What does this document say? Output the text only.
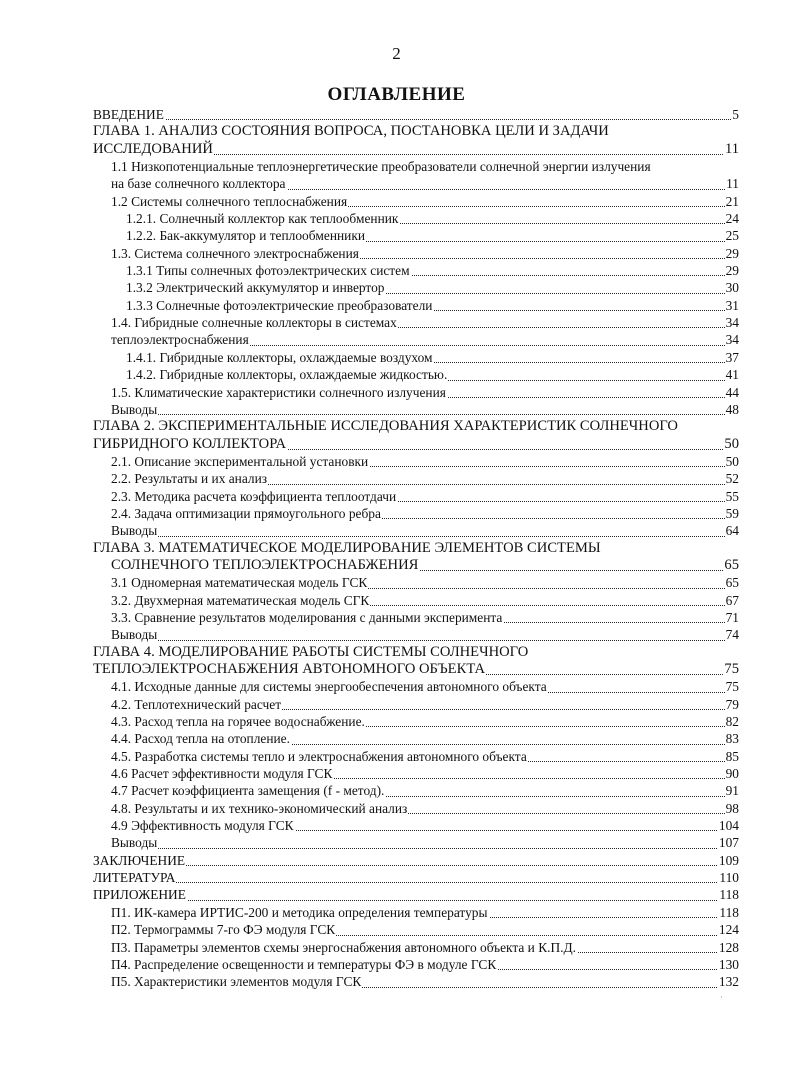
2
ОГЛАВЛЕНИЕ
ВВЕДЕНИЕ	5
ГЛАВА 1. АНАЛИЗ СОСТОЯНИЯ ВОПРОСА, ПОСТАНОВКА ЦЕЛИ И ЗАДАЧИ
ИССЛЕДОВАНИЙ	11
1.1 Низкопотенциальные теплоэнергетические преобразователи солнечной энергии излучения
на базе солнечного коллектора	11
1.2 Системы солнечного теплоснабжения	21
1.2.1. Солнечный коллектор как теплообменник	24
1.2.2. Бак-аккумулятор и теплообменники	25
1.3. Система солнечного электроснабжения	29
1.3.1 Типы солнечных фотоэлектрических систем	29
1.3.2 Электрический аккумулятор и инвертор	30
1.3.3 Солнечные фотоэлектрические преобразователи	31
1.4. Гибридные солнечные коллекторы в системах	34
теплоэлектроснабжения	34
1.4.1. Гибридные коллекторы, охлаждаемые воздухом	37
1.4.2. Гибридные коллекторы, охлаждаемые жидкостью.	41
1.5. Климатические характеристики солнечного излучения	44
Выводы	48
ГЛАВА 2. ЭКСПЕРИМЕНТАЛЬНЫЕ ИССЛЕДОВАНИЯ ХАРАКТЕРИСТИК СОЛНЕЧНОГО
ГИБРИДНОГО КОЛЛЕКТОРА	50
2.1. Описание экспериментальной установки	50
2.2. Результаты и их анализ	52
2.3. Методика расчета коэффициента теплоотдачи	55
2.4. Задача оптимизации прямоугольного ребра	59
Выводы	64
ГЛАВА 3. МАТЕМАТИЧЕСКОЕ МОДЕЛИРОВАНИЕ ЭЛЕМЕНТОВ СИСТЕМЫ
СОЛНЕЧНОГО ТЕПЛОЭЛЕКТРОСНАБЖЕНИЯ	65
3.1 Одномерная математическая модель ГСК	65
3.2. Двухмерная математическая модель СГК	67
3.3. Сравнение результатов моделирования с данными эксперимента	71
Выводы	74
ГЛАВА 4. МОДЕЛИРОВАНИЕ РАБОТЫ СИСТЕМЫ СОЛНЕЧНОГО
ТЕПЛОЭЛЕКТРОСНАБЖЕНИЯ АВТОНОМНОГО ОБЪЕКТА	75
4.1. Исходные данные для системы энергообеспечения автономного объекта	75
4.2. Теплотехнический расчет	79
4.3. Расход тепла на горячее водоснабжение.	82
4.4. Расход тепла на отопление.	83
4.5. Разработка системы тепло и электроснабжения автономного объекта	85
4.6 Расчет эффективности модуля ГСК	90
4.7 Расчет коэффициента замещения (f - метод).	91
4.8. Результаты и их технико-экономический анализ	98
4.9 Эффективность модуля ГСК	104
Выводы	107
ЗАКЛЮЧЕНИЕ	109
ЛИТЕРАТУРА	110
ПРИЛОЖЕНИЕ	118
П1. ИК-камера ИРТИС-200 и методика определения температуры	118
П2. Термограммы 7-го ФЭ модуля ГСК	124
П3. Параметры элементов схемы энергоснабжения автономного объекта и К.П.Д.	128
П4. Распределение освещенности и температуры ФЭ в модуле ГСК	130
П5. Характеристики элементов модуля ГСК	132
·
